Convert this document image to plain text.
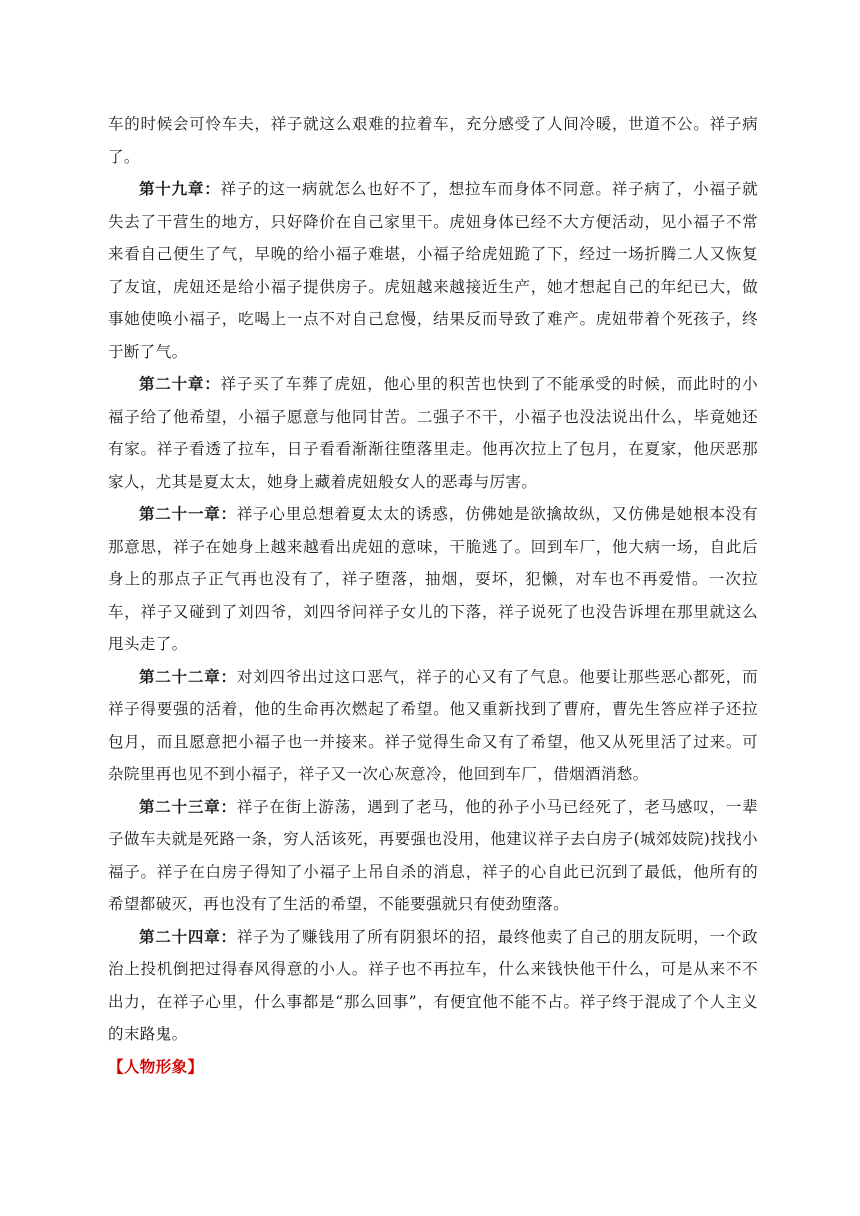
车的时候会可怜车夫，祥子就这么艰难的拉着车，充分感受了人间冷暖，世道不公。祥子病了。

第十九章：祥子的这一病就怎么也好不了，想拉车而身体不同意。祥子病了，小福子就失去了干营生的地方，只好降价在自己家里干。虎妞身体已经不大方便活动，见小福子不常来看自己便生了气，早晚的给小福子难堪，小福子给虎妞跪了下，经过一场折腾二人又恢复了友谊，虎妞还是给小福子提供房子。虎妞越来越接近生产，她才想起自己的年纪已大，做事她使唤小福子，吃喝上一点不对自己怠慢，结果反而导致了难产。虎妞带着个死孩子，终于断了气。

第二十章：祥子买了车葬了虎妞，他心里的积苦也快到了不能承受的时候，而此时的小福子给了他希望，小福子愿意与他同甘苦。二强子不干，小福子也没法说出什么，毕竟她还有家。祥子看透了拉车，日子看看渐渐往堕落里走。他再次拉上了包月，在夏家，他厌恶那家人，尤其是夏太太，她身上藏着虎妞般女人的恶毒与厉害。

第二十一章：祥子心里总想着夏太太的诱惑，仿佛她是欲擒故纵，又仿佛是她根本没有那意思，祥子在她身上越来越看出虎妞的意味，干脆逃了。回到车厂，他大病一场，自此后身上的那点子正气再也没有了，祥子堕落，抽烟，耍坏，犯懒，对车也不再爱惜。一次拉车，祥子又碰到了刘四爷，刘四爷问祥子女儿的下落，祥子说死了也没告诉埋在那里就这么甩头走了。

第二十二章：对刘四爷出过这口恶气，祥子的心又有了气息。他要让那些恶心都死，而祥子得要强的活着，他的生命再次燃起了希望。他又重新找到了曹府，曹先生答应祥子还拉包月，而且愿意把小福子也一并接来。祥子觉得生命又有了希望，他又从死里活了过来。可杂院里再也见不到小福子，祥子又一次心灰意冷，他回到车厂，借烟酒消愁。

第二十三章：祥子在街上游荡，遇到了老马，他的孙子小马已经死了，老马感叹，一辈子做车夫就是死路一条，穷人活该死，再要强也没用，他建议祥子去白房子(城郊妓院)找找小福子。祥子在白房子得知了小福子上吊自杀的消息，祥子的心自此已沉到了最低，他所有的希望都破灭，再也没有了生活的希望，不能要强就只有使劲堕落。

第二十四章：祥子为了赚钱用了所有阴狠坏的招，最终他卖了自己的朋友阮明，一个政治上投机倒把过得春风得意的小人。祥子也不再拉车，什么来钱快他干什么，可是从来不不出力，在祥子心里，什么事都是“那么回事”，有便宜他不能不占。祥子终于混成了个人主义的末路鬼。

【人物形象】
